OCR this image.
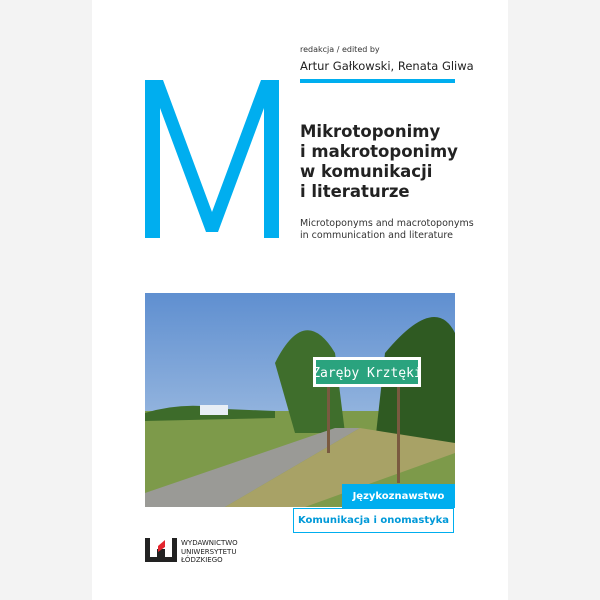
redakcja / edited by
Artur Gałkowski, Renata Gliwa
Mikrotoponimy
i makrotoponimy
w komunikacji
i literaturze
Microtoponyms and macrotoponyms
in communication and literature
Zaręby Krztęki
Językoznawstwo
Komunikacja i onomastyka
WYDAWNICTWO
UNIWERSYTETU
ŁÓDZKIEGO
